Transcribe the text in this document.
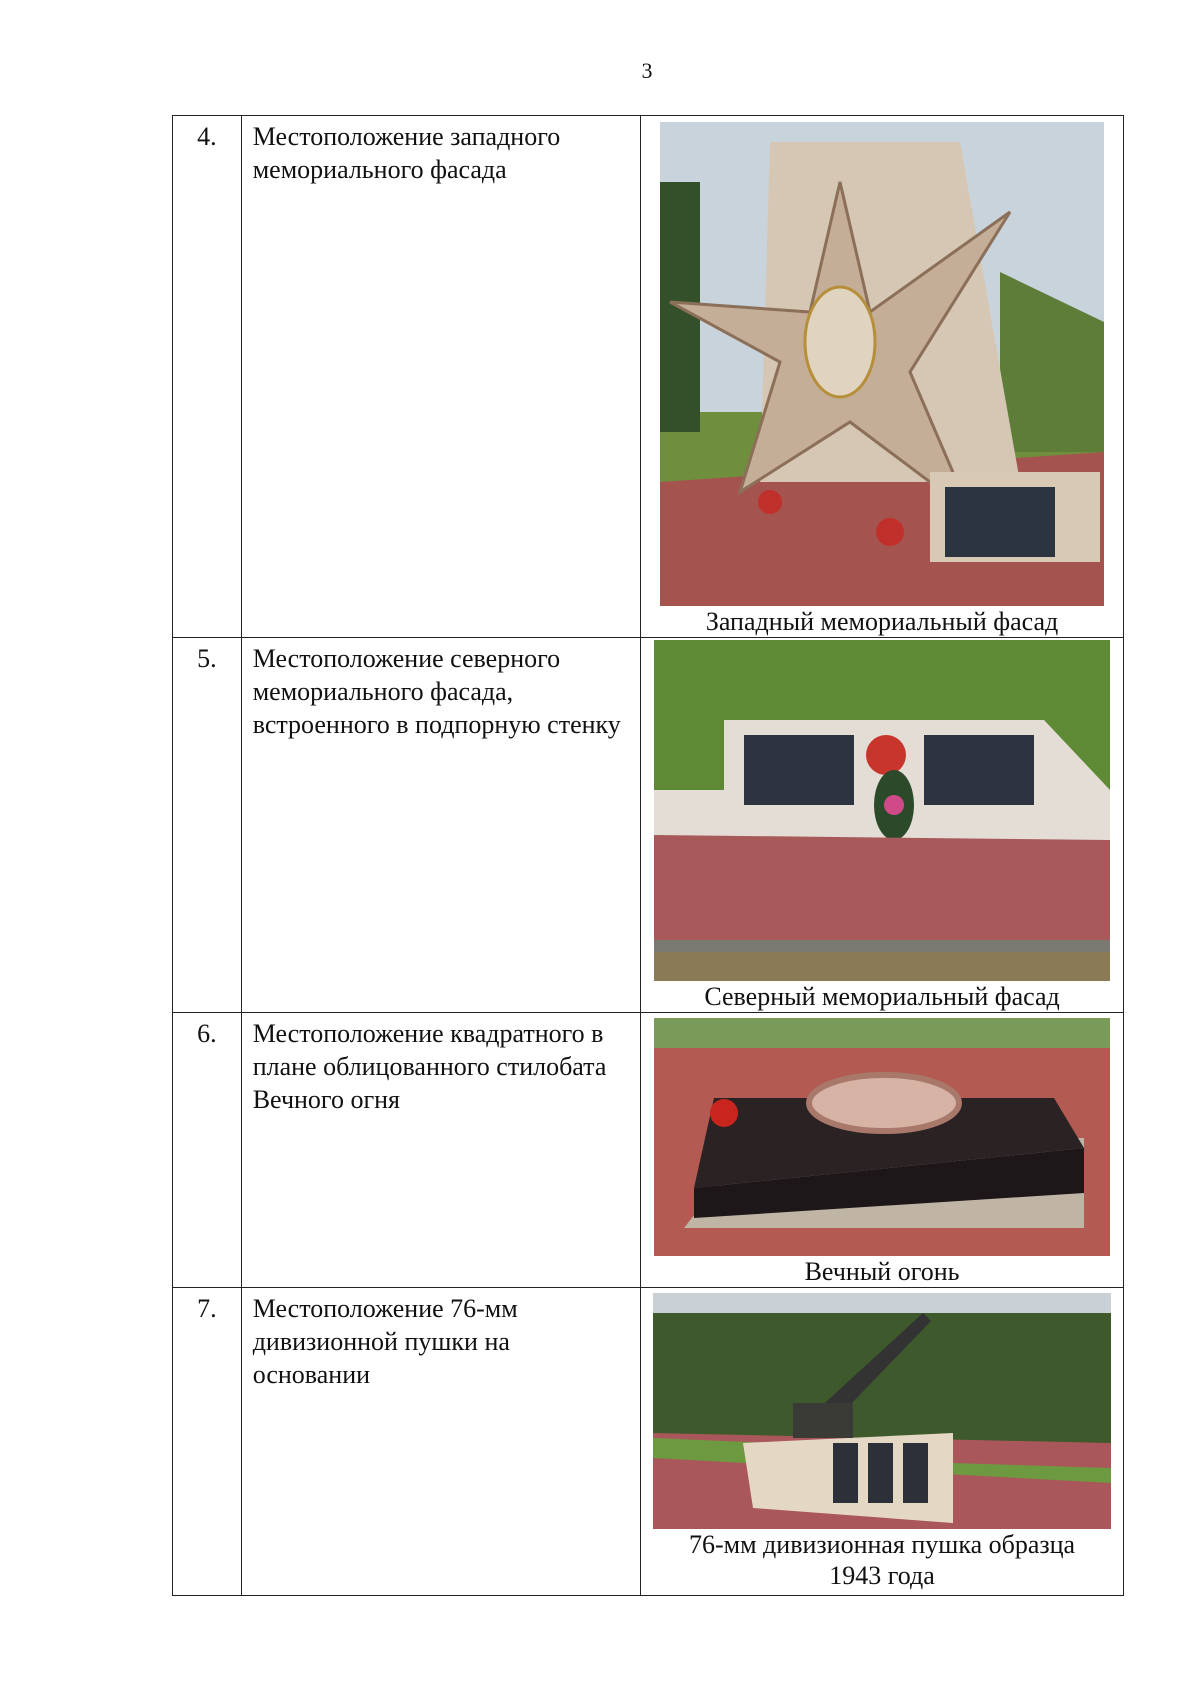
3
4.	Местоположение западного мемориального фасада	Западный мемориальный фасад

5.	Местоположение северного мемориального фасада, встроенного в подпорную стенку	Северный мемориальный фасад

6.	Местоположение квадратного в плане облицованного стилобата Вечного огня	Вечный огонь

7.	Местоположение 76-мм дивизионной пушки на основании	76-мм дивизионная пушка образца 1943 года
